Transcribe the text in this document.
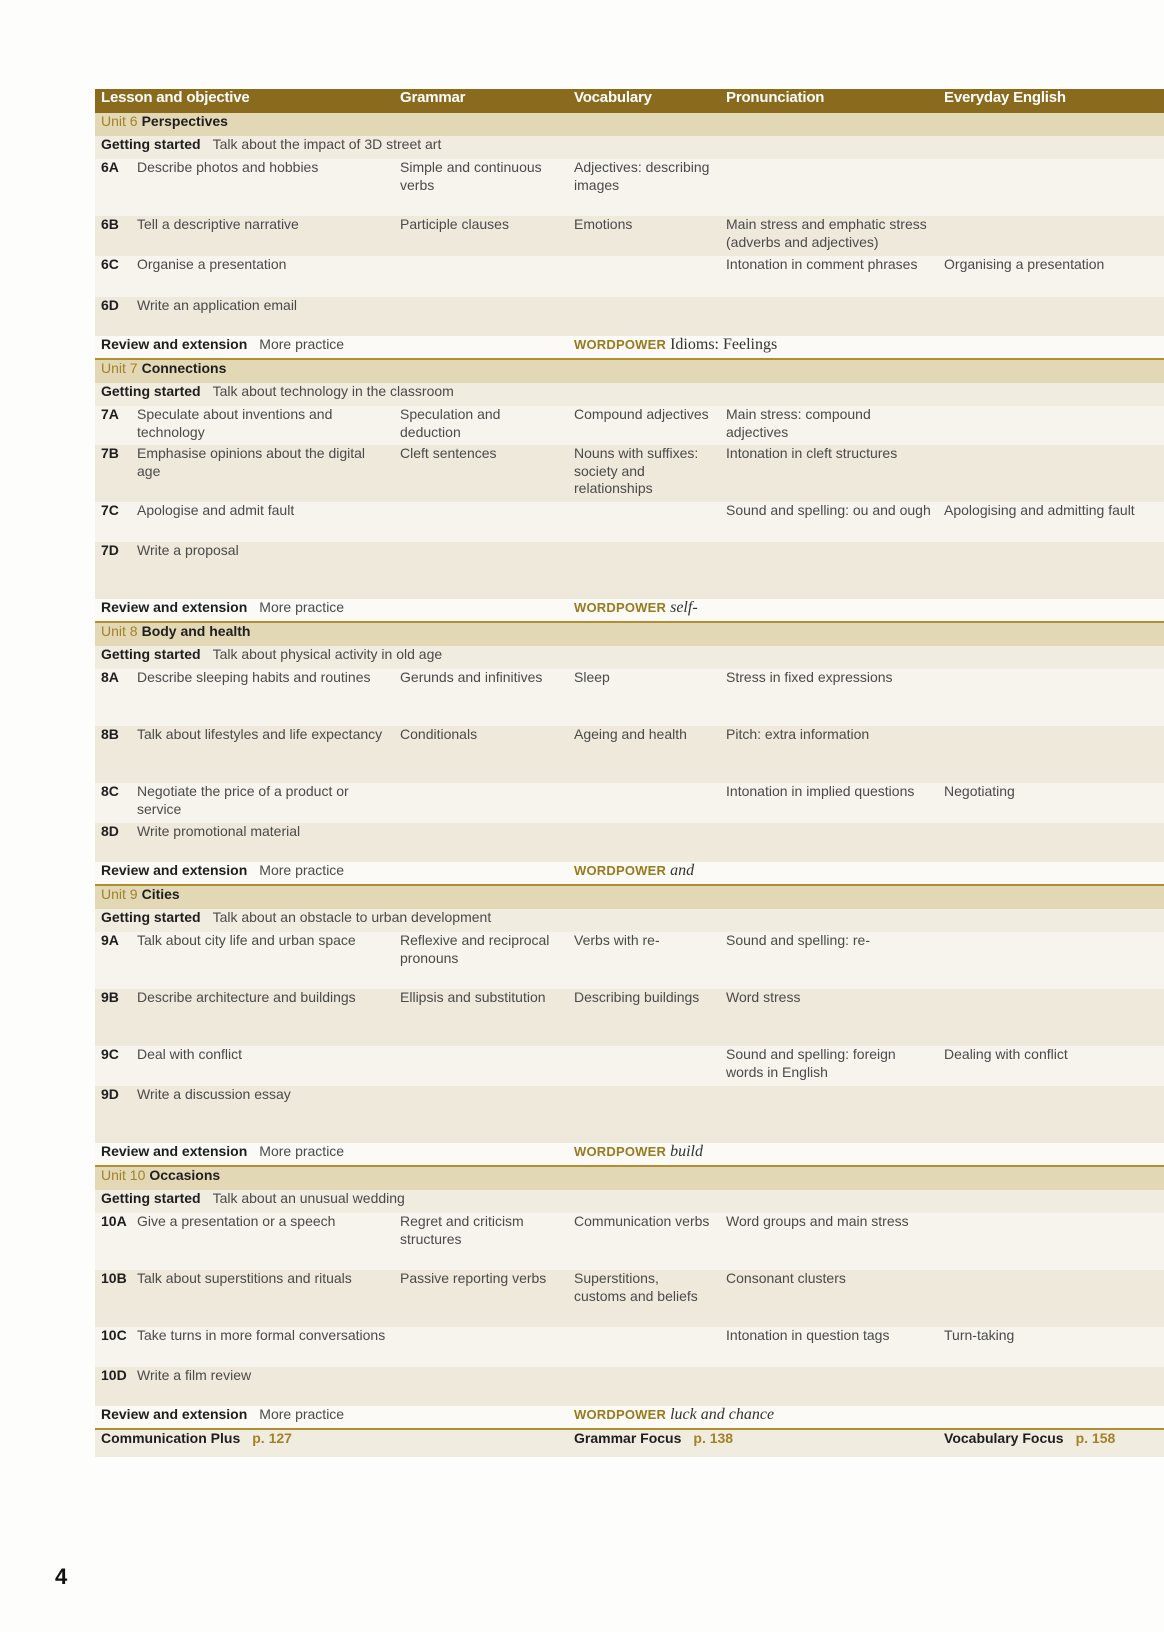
Lesson and objective		Grammar	Vocabulary	Pronunciation	Everyday English	
Unit 6 Perspectives						
Getting started Talk about the impact of 3D street art						
6A	Describe photos and hobbies	Simple and continuous verbs	Adjectives: describing images			
6B	Tell a descriptive narrative	Participle clauses	Emotions	Main stress and emphatic stress (adverbs and adjectives)		
6C	Organise a presentation			Intonation in comment phrases	Organising a presentation	
6D	Write an application email					
Review and extension More practice			WORDPOWER Idioms: Feelings			
Unit 7 Connections						
Getting started Talk about technology in the classroom						
7A	Speculate about inventions and technology	Speculation and deduction	Compound adjectives	Main stress: compound adjectives		
7B	Emphasise opinions about the digital age	Cleft sentences	Nouns with suffixes: society and relationships	Intonation in cleft structures		
7C	Apologise and admit fault			Sound and spelling: ou and ough	Apologising and admitting fault	
7D	Write a proposal					
Review and extension More practice			WORDPOWER self-			
Unit 8 Body and health						
Getting started Talk about physical activity in old age						
8A	Describe sleeping habits and routines	Gerunds and infinitives	Sleep	Stress in fixed expressions		
8B	Talk about lifestyles and life expectancy	Conditionals	Ageing and health	Pitch: extra information		
8C	Negotiate the price of a product or service			Intonation in implied questions	Negotiating	
8D	Write promotional material					
Review and extension More practice			WORDPOWER and			
Unit 9 Cities						
Getting started Talk about an obstacle to urban development						
9A	Talk about city life and urban space	Reflexive and reciprocal pronouns	Verbs with re-	Sound and spelling: re-		
9B	Describe architecture and buildings	Ellipsis and substitution	Describing buildings	Word stress		
9C	Deal with conflict			Sound and spelling: foreign words in English	Dealing with conflict	
9D	Write a discussion essay					
Review and extension More practice			WORDPOWER build			
Unit 10 Occasions						
Getting started Talk about an unusual wedding						
10A	Give a presentation or a speech	Regret and criticism structures	Communication verbs	Word groups and main stress		
10B	Talk about superstitions and rituals	Passive reporting verbs	Superstitions, customs and beliefs	Consonant clusters		
10C	Take turns in more formal conversations			Intonation in question tags	Turn-taking	
10D	Write a film review					
Review and extension More practice			WORDPOWER luck and chance			
Communication Plus p. 127			Grammar Focus p. 138		Vocabulary Focus p. 158	
4
